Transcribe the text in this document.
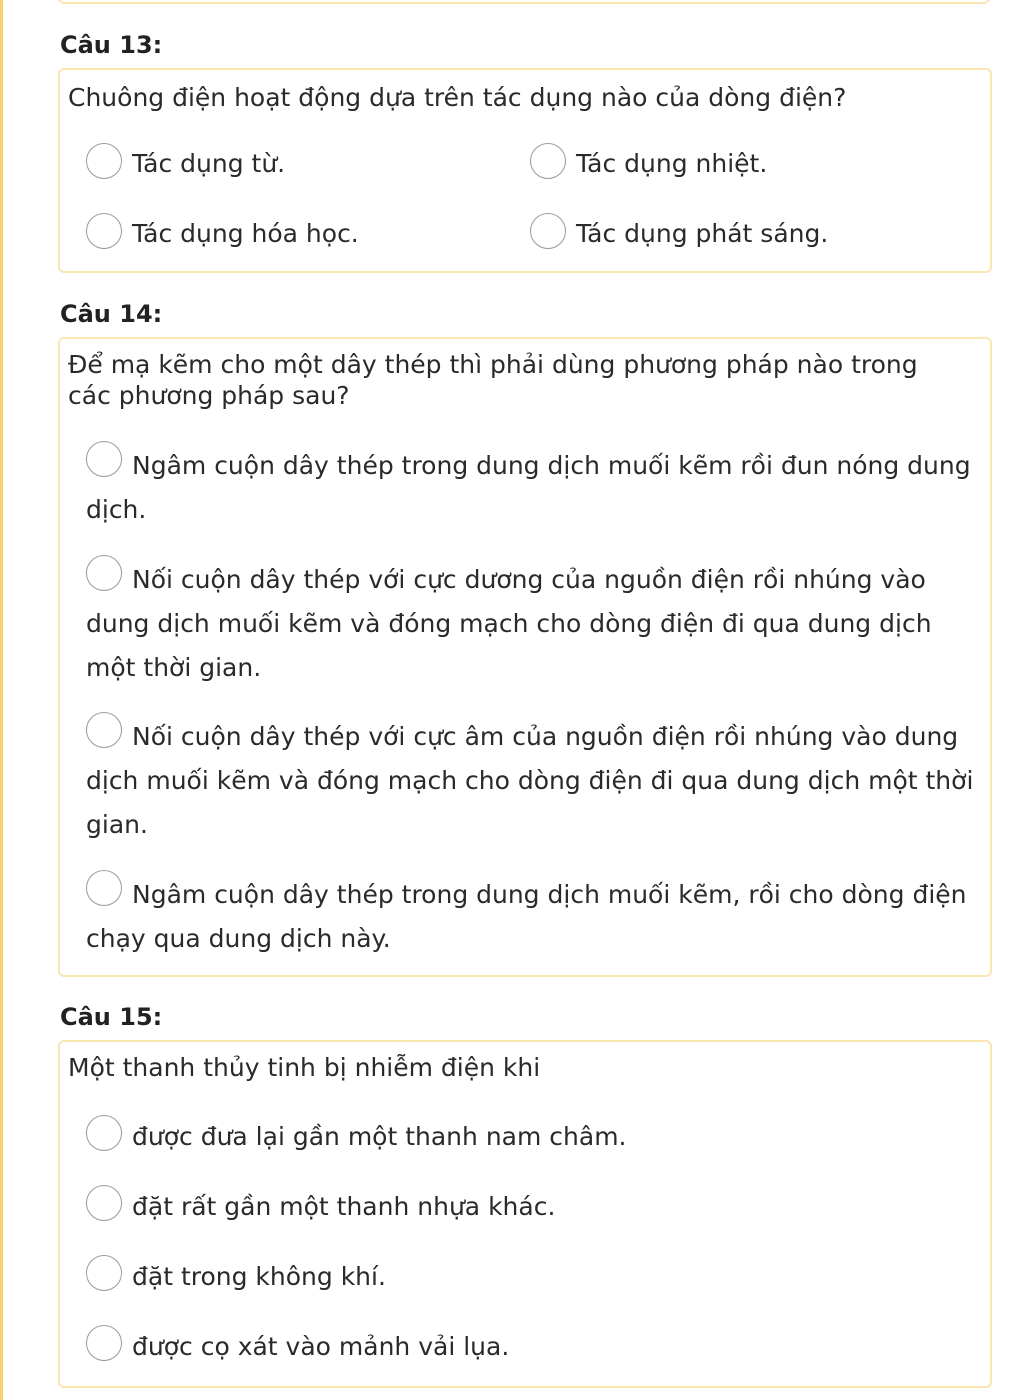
Câu 13:

Chuông điện hoạt động dựa trên tác dụng nào của dòng điện?

Tác dụng từ.	Tác dụng nhiệt.

Tác dụng hóa học.	Tác dụng phát sáng.

Câu 14:

Để mạ kẽm cho một dây thép thì phải dùng phương pháp nào trong các phương pháp sau?

Ngâm cuộn dây thép trong dung dịch muối kẽm rồi đun nóng dung dịch.

Nối cuộn dây thép với cực dương của nguồn điện rồi nhúng vào dung dịch muối kẽm và đóng mạch cho dòng điện đi qua dung dịch một thời gian.

Nối cuộn dây thép với cực âm của nguồn điện rồi nhúng vào dung dịch muối kẽm và đóng mạch cho dòng điện đi qua dung dịch một thời gian.

Ngâm cuộn dây thép trong dung dịch muối kẽm, rồi cho dòng điện chạy qua dung dịch này.

Câu 15:

Một thanh thủy tinh bị nhiễm điện khi

được đưa lại gần một thanh nam châm.

đặt rất gần một thanh nhựa khác.

đặt trong không khí.

được cọ xát vào mảnh vải lụa.
